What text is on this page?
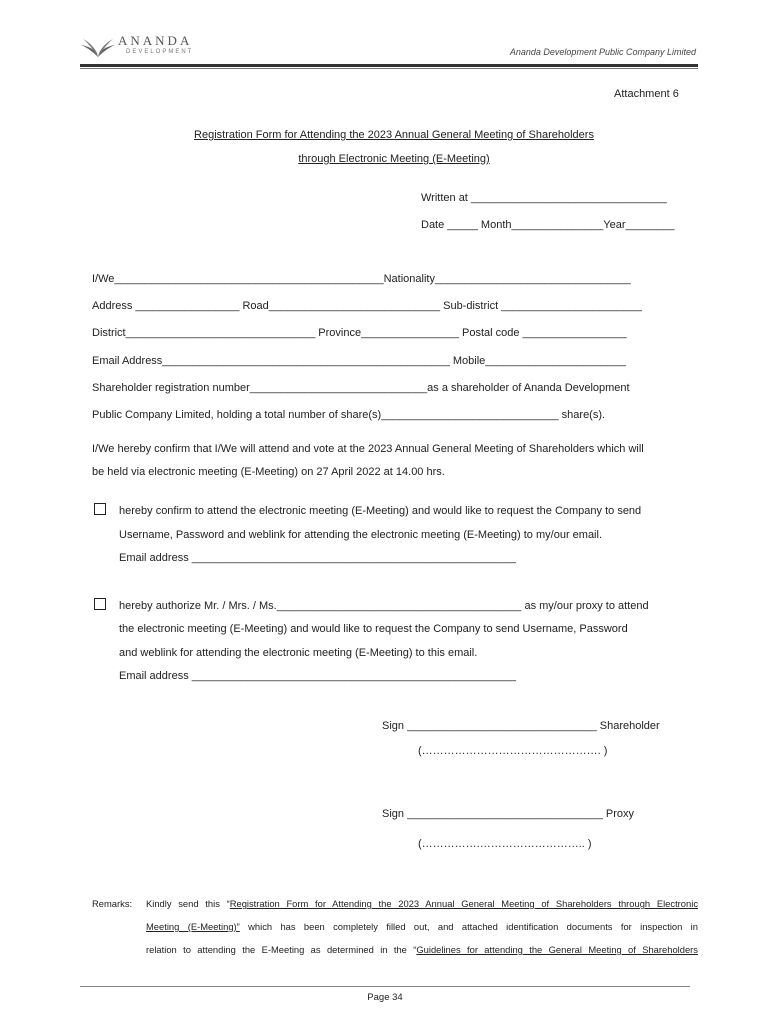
ANANDA
DEVELOPMENT	Ananda Development Public Company Limited
Attachment 6
Registration Form for Attending the 2023 Annual General Meeting of Shareholders
through Electronic Meeting (E-Meeting)
Written at ________________________________
Date _____ Month_______________Year________
I/We____________________________________________Nationality________________________________
Address _________________ Road____________________________ Sub-district _______________________
District_______________________________ Province________________ Postal code _________________
Email Address_______________________________________________ Mobile_______________________
Shareholder registration number_____________________________as a shareholder of Ananda Development
Public Company Limited, holding a total number of share(s)_____________________________ share(s).
I/We hereby confirm that I/We will attend and vote at the 2023 Annual General Meeting of Shareholders which will
be held via electronic meeting (E-Meeting) on 27 April 2022 at 14.00 hrs.
hereby confirm to attend the electronic meeting (E-Meeting) and would like to request the Company to send
Username, Password and weblink for attending the electronic meeting (E-Meeting) to my/our email.
Email address _____________________________________________________
hereby authorize Mr. / Mrs. / Ms.________________________________________ as my/our proxy to attend
the electronic meeting (E-Meeting) and would like to request the Company to send Username, Password
and weblink for attending the electronic meeting (E-Meeting) to this email.
Email address _____________________________________________________
Sign _______________________________ Shareholder
(…………………………………………. )
Sign ________________________________ Proxy
(…………….……………………….. )
Remarks: Kindly send this “Registration Form for Attending the 2023 Annual General Meeting of Shareholders through Electronic

Meeting (E-Meeting)” which has been completely filled out, and attached identification documents for inspection in

relation to attending the E-Meeting as determined in the “Guidelines for attending the General Meeting of Shareholders

Page 34
